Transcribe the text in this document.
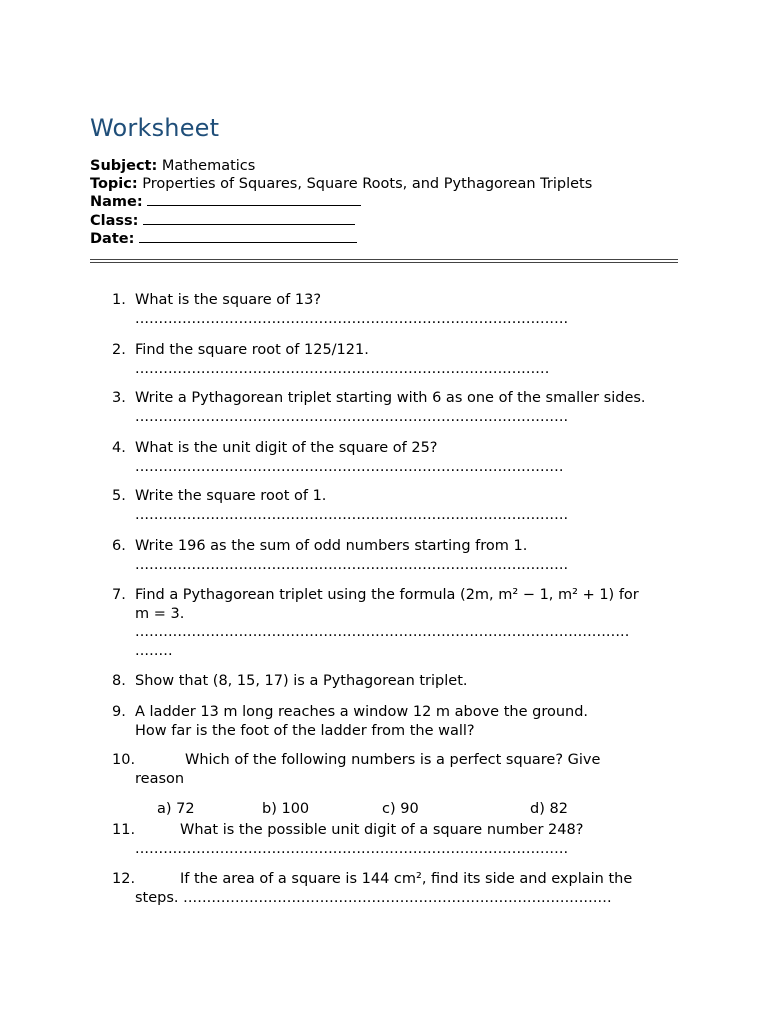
Worksheet
Subject: Mathematics
Topic: Properties of Squares, Square Roots, and Pythagorean Triplets
Name:
Class:
Date:
1. What is the square of 13?
............................................................................................
2. Find the square root of 125/121.
........................................................................................
3. Write a Pythagorean triplet starting with 6 as one of the smaller sides.
............................................................................................
4. What is the unit digit of the square of 25?
...........................................................................................
5. Write the square root of 1.
............................................................................................
6. Write 196 as the sum of odd numbers starting from 1.
............................................................................................
7. Find a Pythagorean triplet using the formula (2m, m² − 1, m² + 1) for
m = 3.
.........................................................................................................
........
8. Show that (8, 15, 17) is a Pythagorean triplet.
9. A ladder 13 m long reaches a window 12 m above the ground.
How far is the foot of the ladder from the wall?
10.	Which of the following numbers is a perfect square? Give
reason
a) 72	b) 100	c) 90	d) 82
11.	What is the possible unit digit of a square number 248?
............................................................................................
12.	If the area of a square is 144 cm², find its side and explain the
steps. ...........................................................................................
